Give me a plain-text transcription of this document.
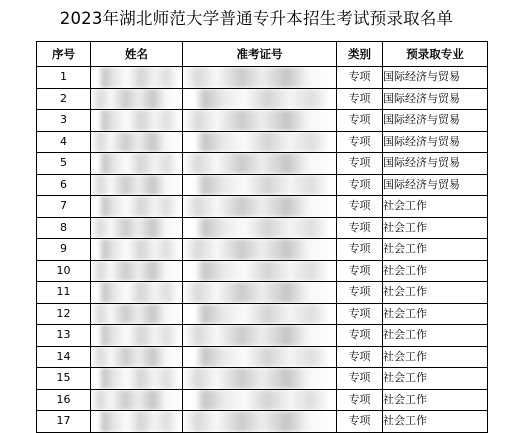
2023年湖北师范大学普通专升本招生考试预录取名单
序号	姓名	准考证号	类别	预录取专业
1			专项	国际经济与贸易
2			专项	国际经济与贸易
3			专项	国际经济与贸易
4			专项	国际经济与贸易
5			专项	国际经济与贸易
6			专项	国际经济与贸易
7			专项	社会工作
8			专项	社会工作
9			专项	社会工作
10			专项	社会工作
11			专项	社会工作
12			专项	社会工作
13			专项	社会工作
14			专项	社会工作
15			专项	社会工作
16			专项	社会工作
17			专项	社会工作
